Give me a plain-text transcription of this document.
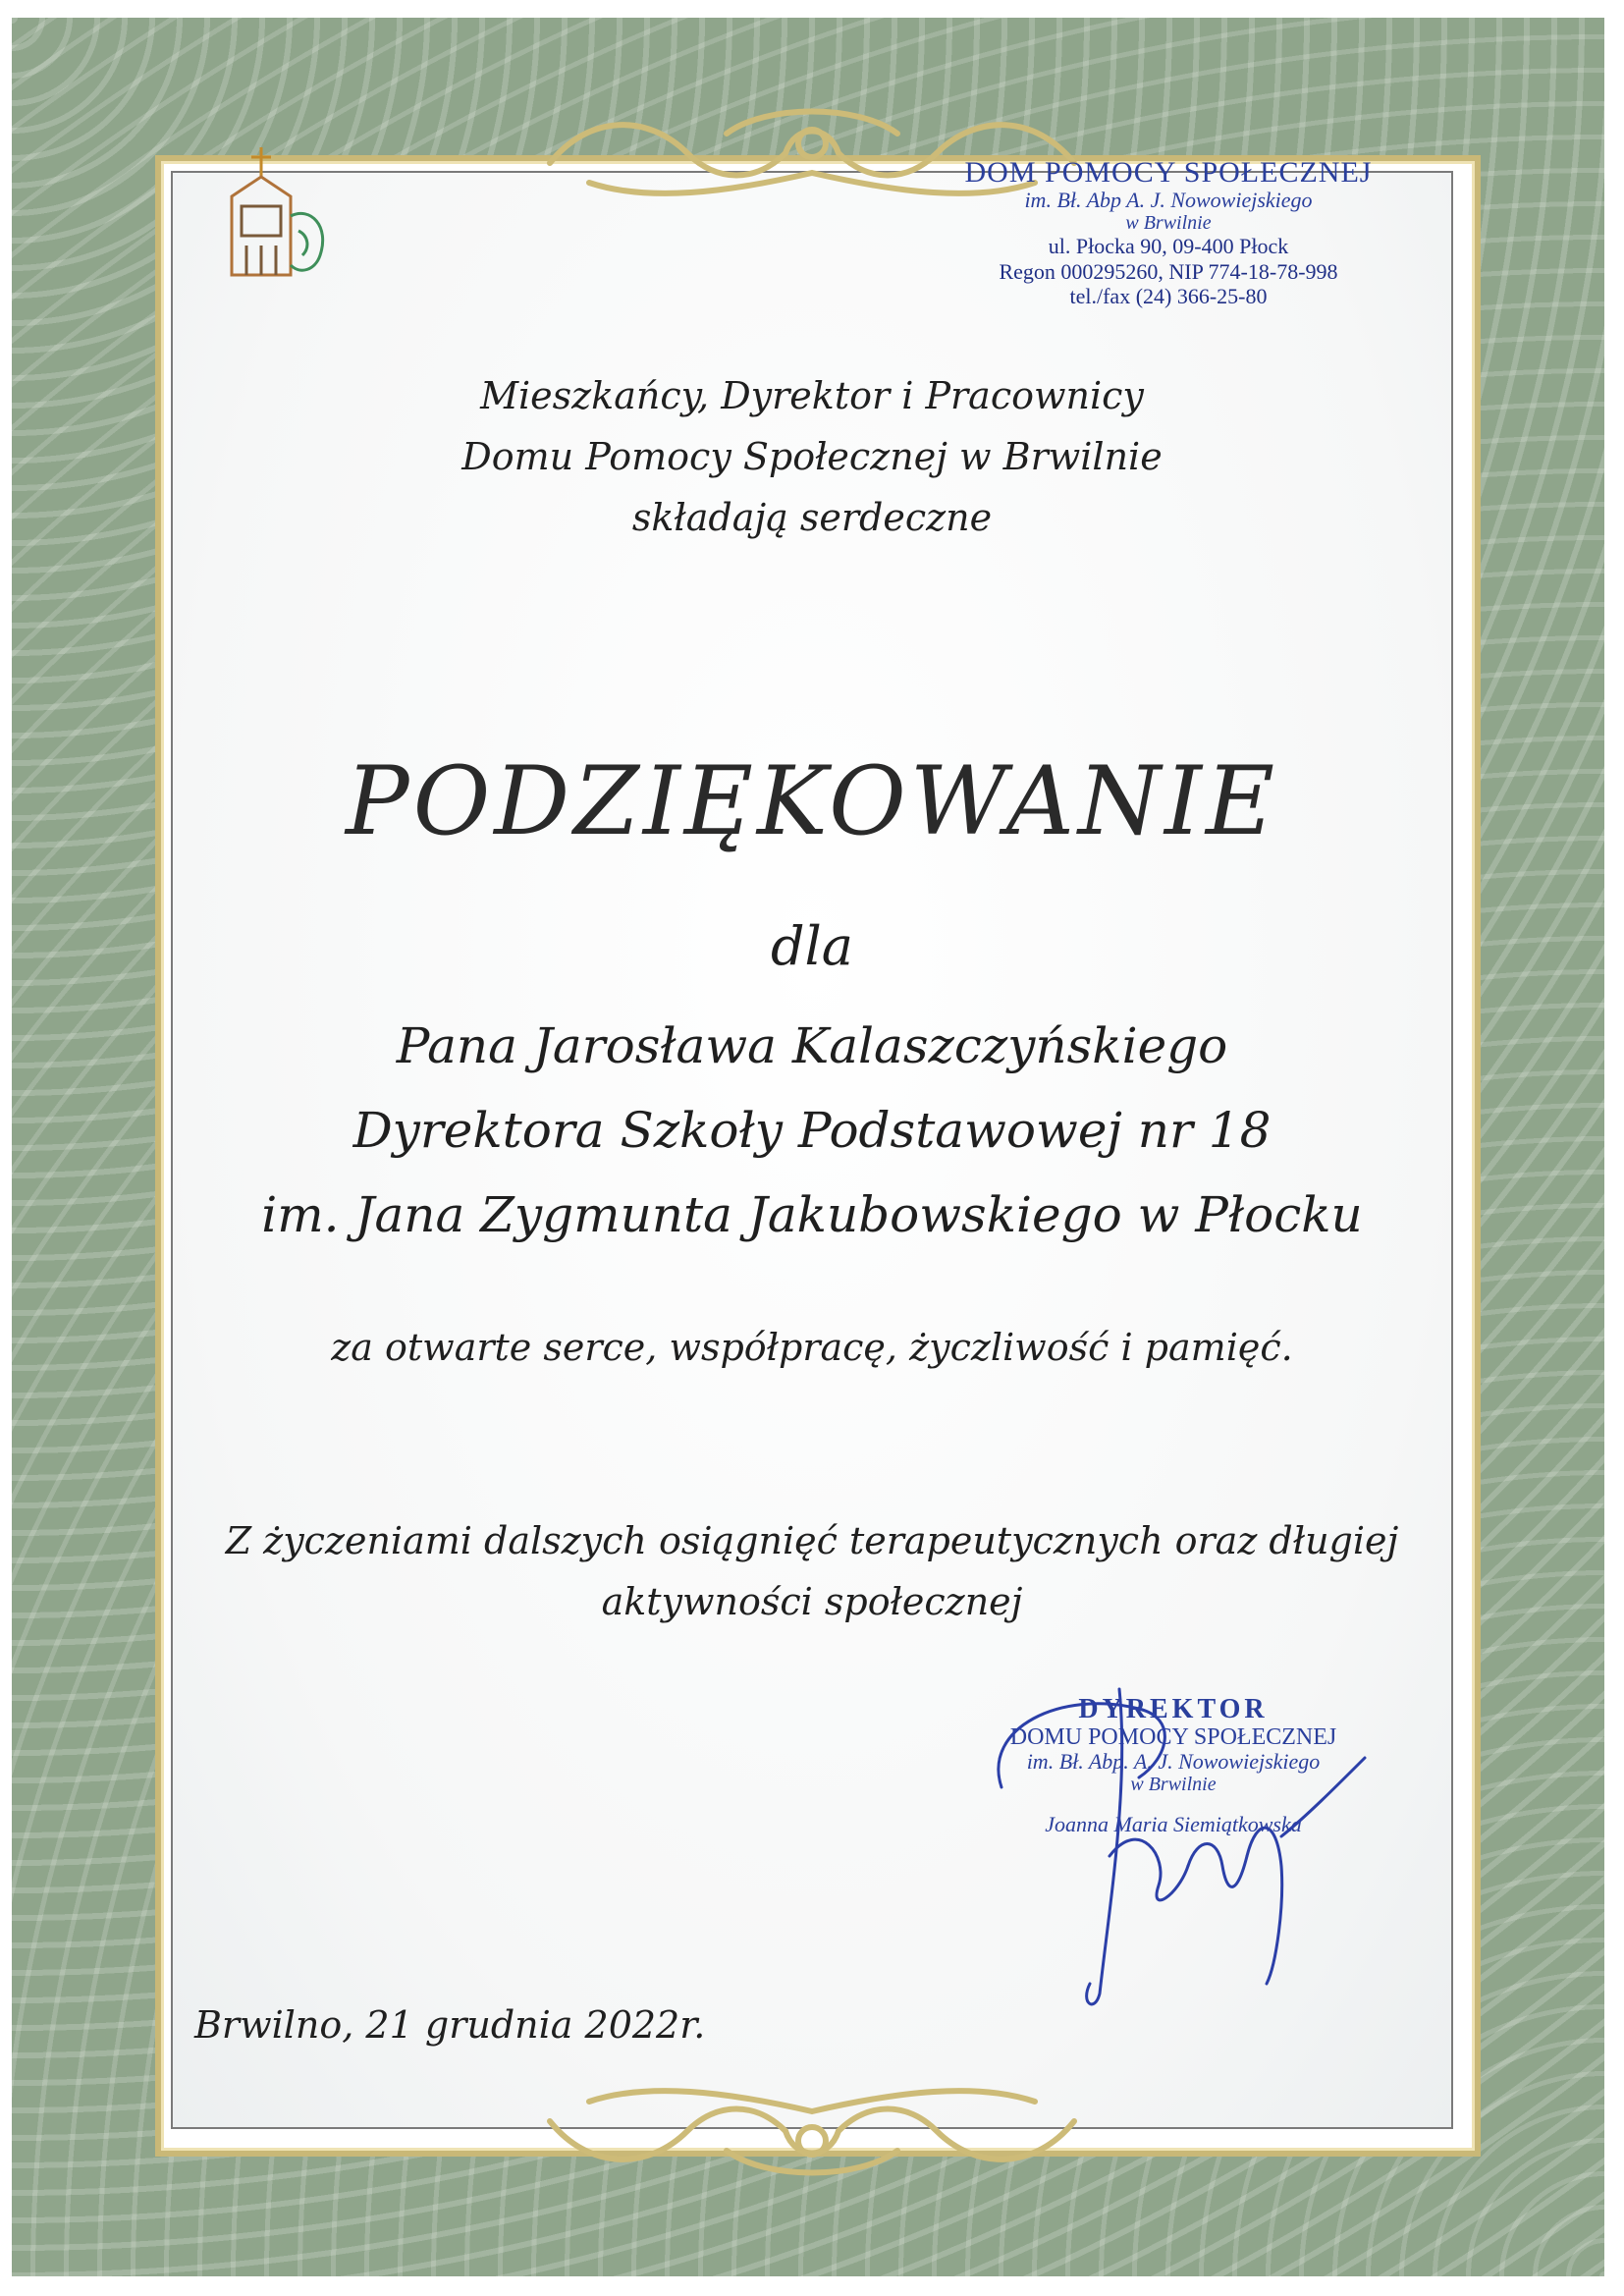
DOM POMOCY SPOŁECZNEJ
im. Bł. Abp A. J. Nowowiejskiego
w Brwilnie
ul. Płocka 90, 09-400 Płock
Regon 000295260, NIP 774-18-78-998
tel./fax (24) 366-25-80
Mieszkańcy, Dyrektor i Pracownicy
Domu Pomocy Społecznej w Brwilnie
składają serdeczne
PODZIĘKOWANIE
dla
Pana Jarosława Kalaszczyńskiego
Dyrektora Szkoły Podstawowej nr 18
im. Jana Zygmunta Jakubowskiego w Płocku
za otwarte serce, współpracę, życzliwość i pamięć.
Z życzeniami dalszych osiągnięć terapeutycznych oraz długiej
aktywności społecznej
DYREKTOR
DOMU POMOCY SPOŁECZNEJ
im. Bł. Abp. A. J. Nowowiejskiego
w Brwilnie
Joanna Maria Siemiątkowska
Brwilno, 21 grudnia 2022r.
